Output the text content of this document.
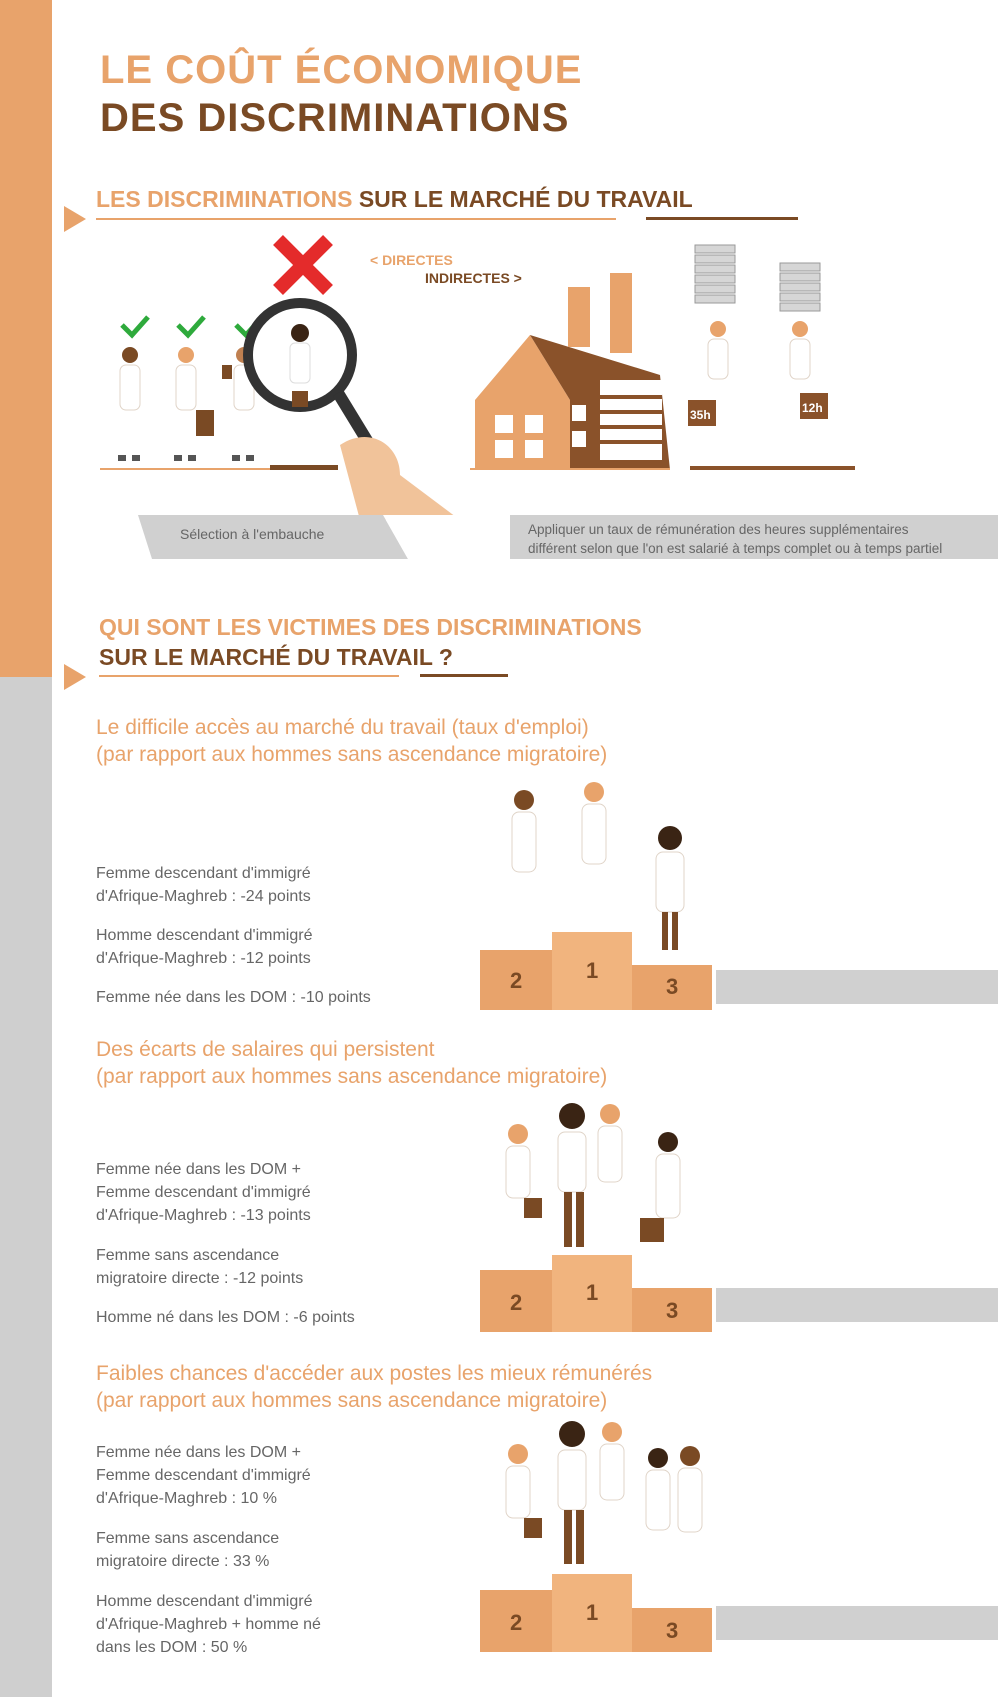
LE COÛT ÉCONOMIQUE
DES DISCRIMINATIONS
LES DISCRIMINATIONS SUR LE MARCHÉ DU TRAVAIL
< DIRECTES
INDIRECTES >
35h	12h
Sélection à l'embauche	Appliquer un taux de rémunération des heures supplémentaires
différent selon que l'on est salarié à temps complet ou à temps partiel
QUI SONT LES VICTIMES DES DISCRIMINATIONS
SUR LE MARCHÉ DU TRAVAIL ?
Le difficile accès au marché du travail (taux d'emploi)
(par rapport aux hommes sans ascendance migratoire)
Femme descendant d'immigré
d'Afrique-Maghreb : -24 points
Homme descendant d'immigré
d'Afrique-Maghreb : -12 points
Femme née dans les DOM : -10 points
2	1
3
Des écarts de salaires qui persistent
(par rapport aux hommes sans ascendance migratoire)
Femme née dans les DOM +
Femme descendant d'immigré
d'Afrique-Maghreb : -13 points
Femme sans ascendance
migratoire directe : -12 points
Homme né dans les DOM : -6 points
2	1
3
Faibles chances d'accéder aux postes les mieux rémunérés
(par rapport aux hommes sans ascendance migratoire)
Femme née dans les DOM +
Femme descendant d'immigré
d'Afrique-Maghreb : 10 %
Femme sans ascendance
migratoire directe : 33 %
Homme descendant d'immigré
d'Afrique-Maghreb + homme né
dans les DOM : 50 %
2	1
3
